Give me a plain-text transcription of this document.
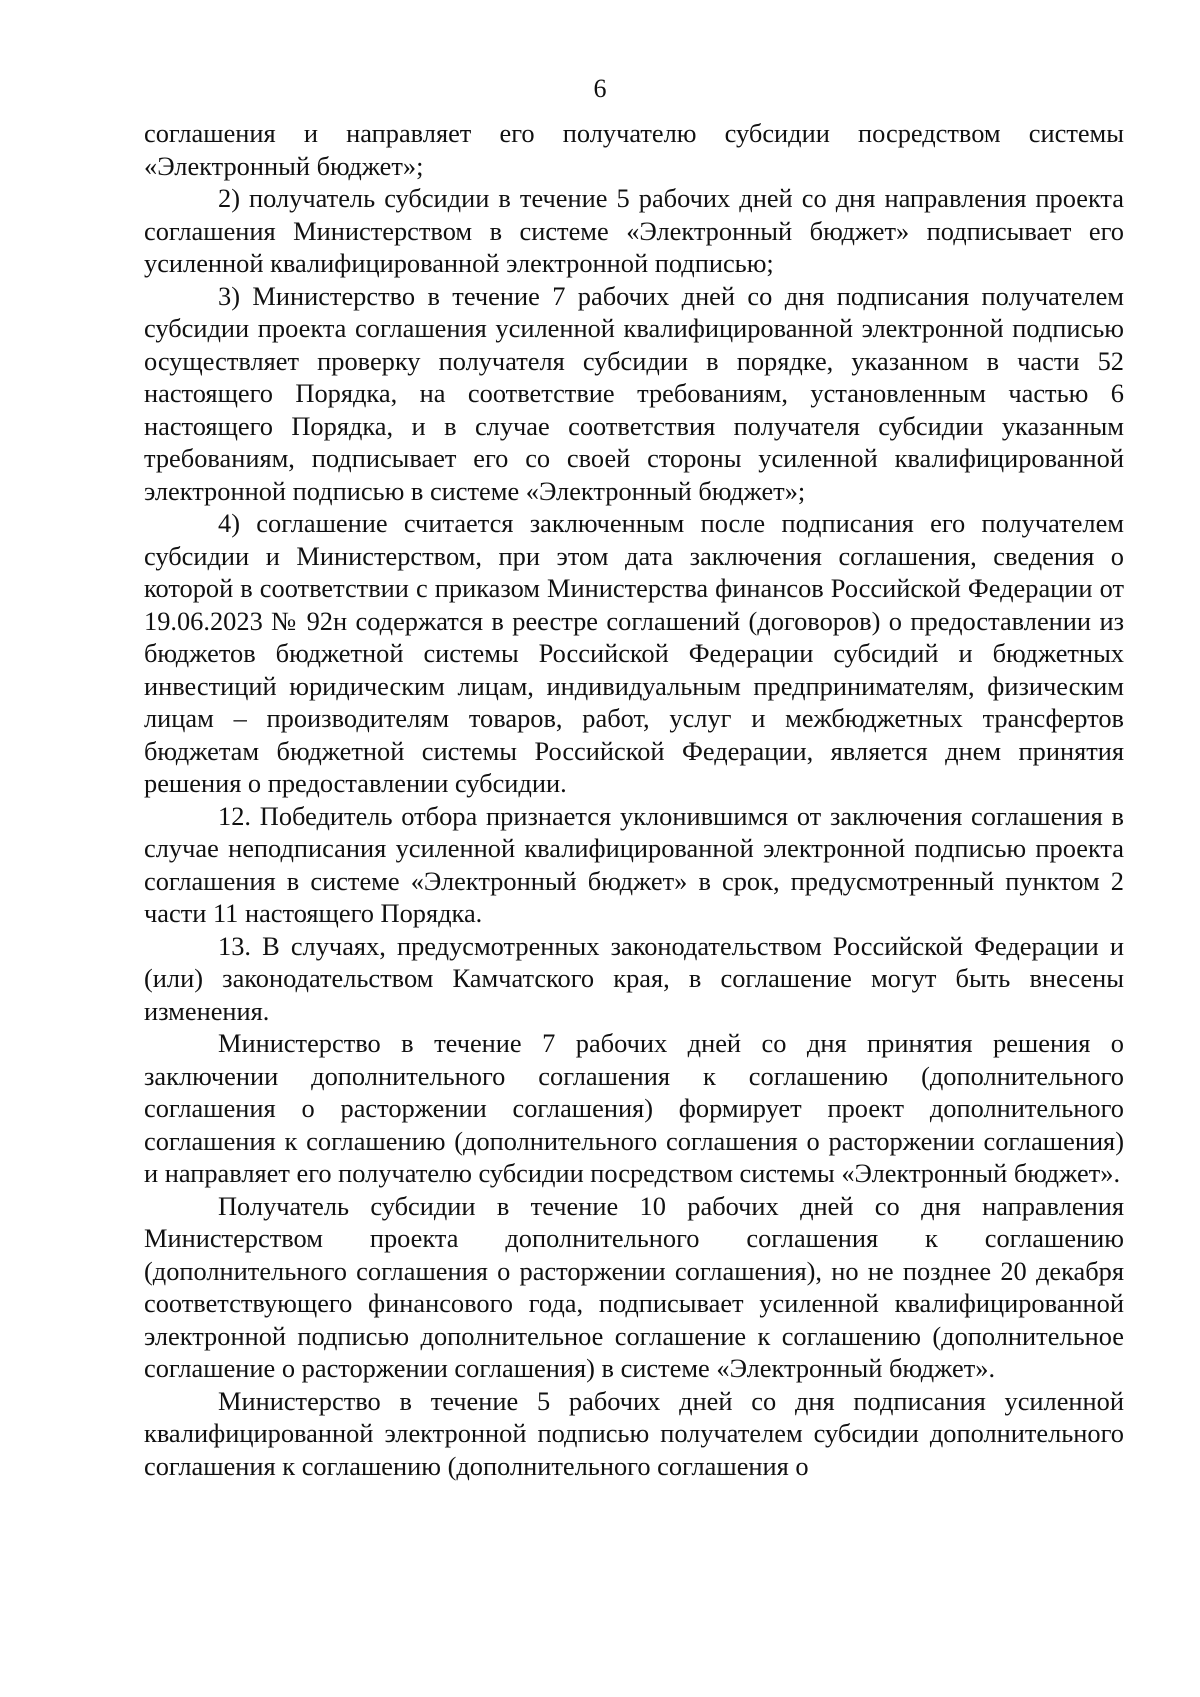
6

соглашения и направляет его получателю субсидии посредством системы «Электронный бюджет»;

2) получатель субсидии в течение 5 рабочих дней со дня направления проекта соглашения Министерством в системе «Электронный бюджет» подписывает его усиленной квалифицированной электронной подписью;

3) Министерство в течение 7 рабочих дней со дня подписания получателем субсидии проекта соглашения усиленной квалифицированной электронной подписью осуществляет проверку получателя субсидии в порядке, указанном в части 52 настоящего Порядка, на соответствие требованиям, установленным частью 6 настоящего Порядка, и в случае соответствия получателя субсидии указанным требованиям, подписывает его со своей стороны усиленной квалифицированной электронной подписью в системе «Электронный бюджет»;

4) соглашение считается заключенным после подписания его получателем субсидии и Министерством, при этом дата заключения соглашения, сведения о которой в соответствии с приказом Министерства финансов Российской Федерации от 19.06.2023 № 92н содержатся в реестре соглашений (договоров) о предоставлении из бюджетов бюджетной системы Российской Федерации субсидий и бюджетных инвестиций юридическим лицам, индивидуальным предпринимателям, физическим лицам – производителям товаров, работ, услуг и межбюджетных трансфертов бюджетам бюджетной системы Российской Федерации, является днем принятия решения о предоставлении субсидии.

12. Победитель отбора признается уклонившимся от заключения соглашения в случае неподписания усиленной квалифицированной электронной подписью проекта соглашения в системе «Электронный бюджет» в срок, предусмотренный пунктом 2 части 11 настоящего Порядка.

13. В случаях, предусмотренных законодательством Российской Федерации и (или) законодательством Камчатского края, в соглашение могут быть внесены изменения.

Министерство в течение 7 рабочих дней со дня принятия решения о заключении дополнительного соглашения к соглашению (дополнительного соглашения о расторжении соглашения) формирует проект дополнительного соглашения к соглашению (дополнительного соглашения о расторжении соглашения) и направляет его получателю субсидии посредством системы «Электронный бюджет».

Получатель субсидии в течение 10 рабочих дней со дня направления Министерством проекта дополнительного соглашения к соглашению (дополнительного соглашения о расторжении соглашения), но не позднее 20 декабря соответствующего финансового года, подписывает усиленной квалифицированной электронной подписью дополнительное соглашение к соглашению (дополнительное соглашение о расторжении соглашения) в системе «Электронный бюджет».

Министерство в течение 5 рабочих дней со дня подписания усиленной квалифицированной электронной подписью получателем субсидии дополнительного соглашения к соглашению (дополнительного соглашения о
